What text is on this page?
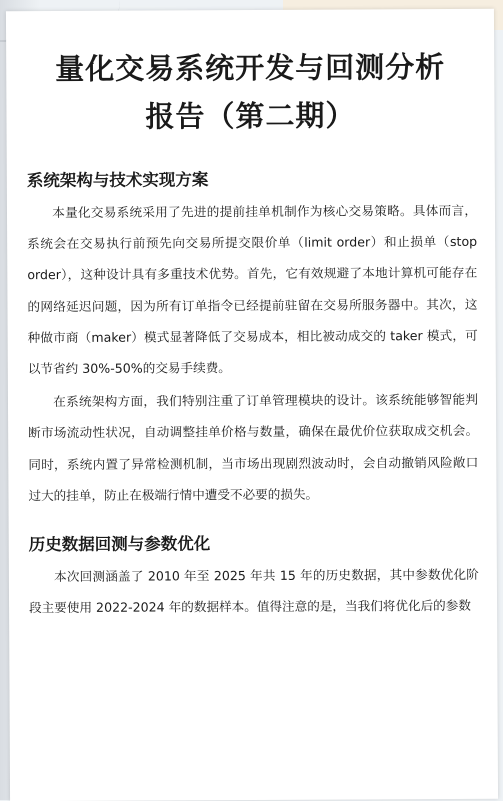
量化交易系统开发与回测分析
报告（第二期）
系统架构与技术实现方案

本量化交易系统采用了先进的提前挂单机制作为核心交易策略。具体而言，系统会在交易执行前预先向交易所提交限价单（limit order）和止损单（stop order），这种设计具有多重技术优势。首先，它有效规避了本地计算机可能存在的网络延迟问题，因为所有订单指令已经提前驻留在交易所服务器中。其次，这种做市商（maker）模式显著降低了交易成本，相比被动成交的 taker 模式，可以节省约 30%-50%的交易手续费。

在系统架构方面，我们特别注重了订单管理模块的设计。该系统能够智能判断市场流动性状况，自动调整挂单价格与数量，确保在最优价位获取成交机会。同时，系统内置了异常检测机制，当市场出现剧烈波动时，会自动撤销风险敞口过大的挂单，防止在极端行情中遭受不必要的损失。

历史数据回测与参数优化

本次回测涵盖了 2010 年至 2025 年共 15 年的历史数据，其中参数优化阶段主要使用 2022-2024 年的数据样本。值得注意的是，当我们将优化后的参数
